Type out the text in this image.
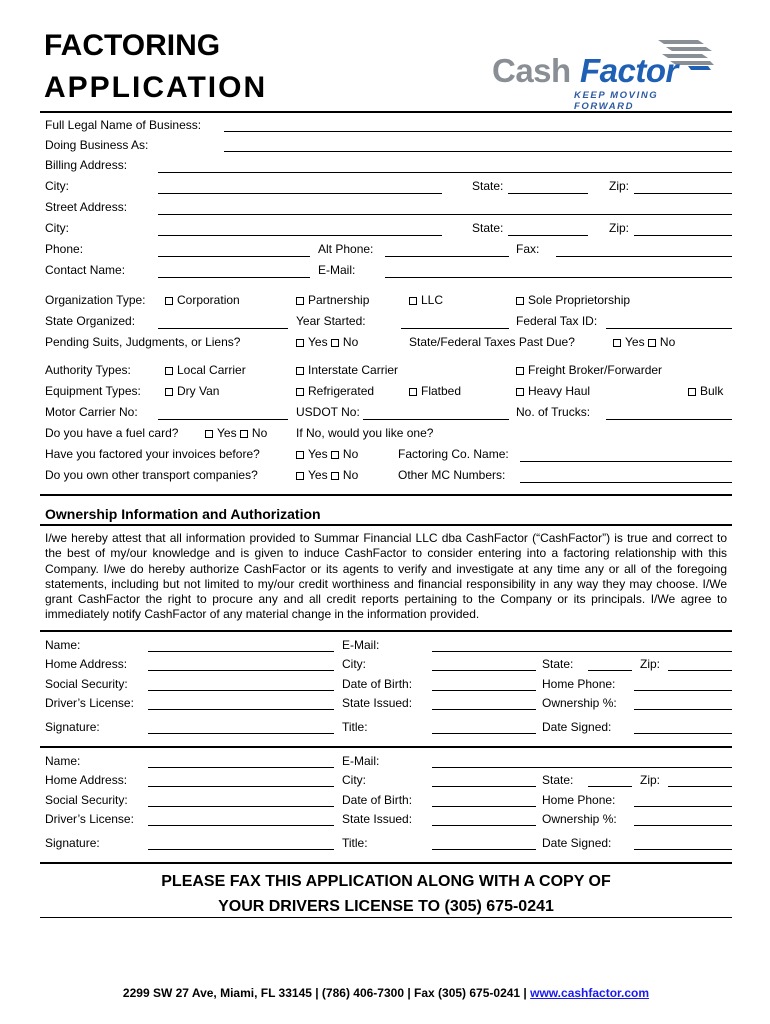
FACTORING
APPLICATION	Cash Factor
KEEP MOVING FORWARD
Full Legal Name of Business:
Doing Business As:
Billing Address:
City:	State:	Zip:
Street Address:
City:	State:	Zip:
Phone:	Alt Phone:	Fax:
Contact Name:	E-Mail:
Organization Type:	Corporation	Partnership	LLC	Sole Proprietorship
State Organized:	Year Started:	Federal Tax ID:
Pending Suits, Judgments, or Liens?	Yes No	State/Federal Taxes Past Due?	Yes No
Authority Types:	Local Carrier	Interstate Carrier	Freight Broker/Forwarder
Equipment Types:	Dry Van	Refrigerated	Flatbed	Heavy Haul	Bulk
Motor Carrier No:	USDOT No:	No. of Trucks:
Do you have a fuel card?	Yes No If No, would you like one?
Have you factored your invoices before?	Yes No	Factoring Co. Name:
Do you own other transport companies?	Yes No	Other MC Numbers:
Ownership Information and Authorization
I/we hereby attest that all information provided to Summar Financial LLC dba CashFactor (“CashFactor”) is true and correct to the best of my/our knowledge and is given to induce CashFactor to consider entering into a factoring relationship with this Company. I/we do hereby authorize CashFactor or its agents to verify and investigate at any time any or all of the foregoing statements, including but not limited to my/our credit worthiness and financial responsibility in any way they may choose. I/We grant CashFactor the right to procure any and all credit reports pertaining to the Company or its principals. I/We agree to immediately notify CashFactor of any material change in the information provided.
Name:	E-Mail:
Home Address:	City:	State:	Zip:
Social Security:	Date of Birth:	Home Phone:
Driver’s License:	State Issued:	Ownership %:
Signature:	Title:	Date Signed:
Name:	E-Mail:
Home Address:	City:	State:	Zip:
Social Security:	Date of Birth:	Home Phone:
Driver’s License:	State Issued:	Ownership %:
Signature:	Title:	Date Signed:
PLEASE FAX THIS APPLICATION ALONG WITH A COPY OF
YOUR DRIVERS LICENSE TO (305) 675-0241
2299 SW 27 Ave, Miami, FL 33145 | (786) 406-7300 | Fax (305) 675-0241 | www.cashfactor.com
